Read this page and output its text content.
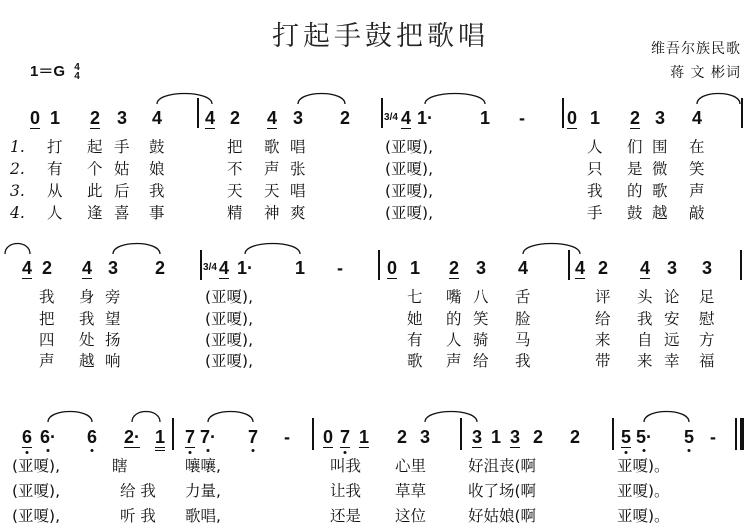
打起手鼓把歌唱	维吾尔族民歌
蒋 文 彬词
1＝G 4
4
0 1 2 3 4 4 2 4 3 2	3/4 4 1·	1 - 0 1 2 3 4
1. 打 起 手 鼓	把 歌 唱	(亚嗄),	人 们 围 在
2. 有 个 姑 娘	不 声 张	(亚嗄),	只 是 微 笑
3. 从 此 后 我	天 天 唱	(亚嗄),	我 的 歌 声
4. 人 逢 喜 事	精 神 爽	(亚嗄),	手 鼓 越 敲
4 2 4 3 2	3/4 4 1· 1 - 0 1 2 3 4	4 2 4 3 3
我 身 旁	(亚嗄),	七 嘴 八 舌	评 头 论 足
把 我 望	(亚嗄),	她 的 笑 脸	给 我 安 慰
四 处 扬	(亚嗄),	有 人 骑 马	来 自 远 方
声 越 响	(亚嗄),	歌 声 给 我	带 来 幸 福
6 6· 6 2· 1 7 7· 7 - 0 7 1 2 3 3 1 3 2 2 5 5· 5 -
(亚嗄),	瞎	嚷嚷,	叫我 心里	好沮丧(啊	亚嗄)。
(亚嗄),	给 我 力量,	让我 草草	收了场(啊	亚嗄)。
(亚嗄),	听 我 歌唱,	还是 这位	好姑娘(啊	亚嗄)。
